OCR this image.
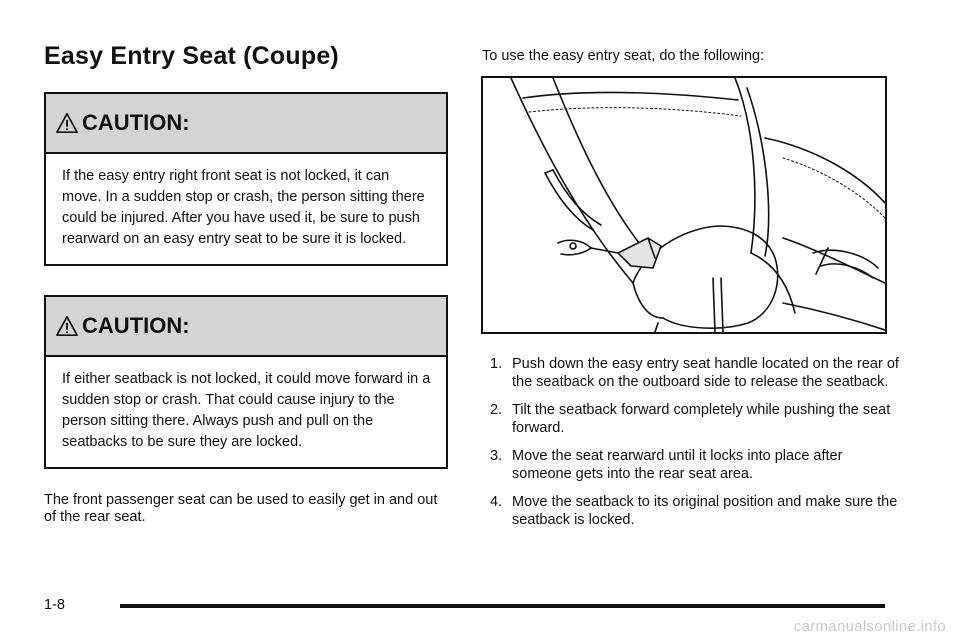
Easy Entry Seat (Coupe)
CAUTION:
If the easy entry right front seat is not locked, it can move. In a sudden stop or crash, the person sitting there could be injured. After you have used it, be sure to push rearward on an easy entry seat to be sure it is locked.
CAUTION:
If either seatback is not locked, it could move forward in a sudden stop or crash. That could cause injury to the person sitting there. Always push and pull on the seatbacks to be sure they are locked.
The front passenger seat can be used to easily get in and out of the rear seat.
To use the easy entry seat, do the following:
1. Push down the easy entry seat handle located on the rear of the seatback on the outboard side to release the seatback.
2. Tilt the seatback forward completely while pushing the seat forward.
3. Move the seat rearward until it locks into place after someone gets into the rear seat area.
4. Move the seatback to its original position and make sure the seatback is locked.
1-8
carmanualsonline.info
